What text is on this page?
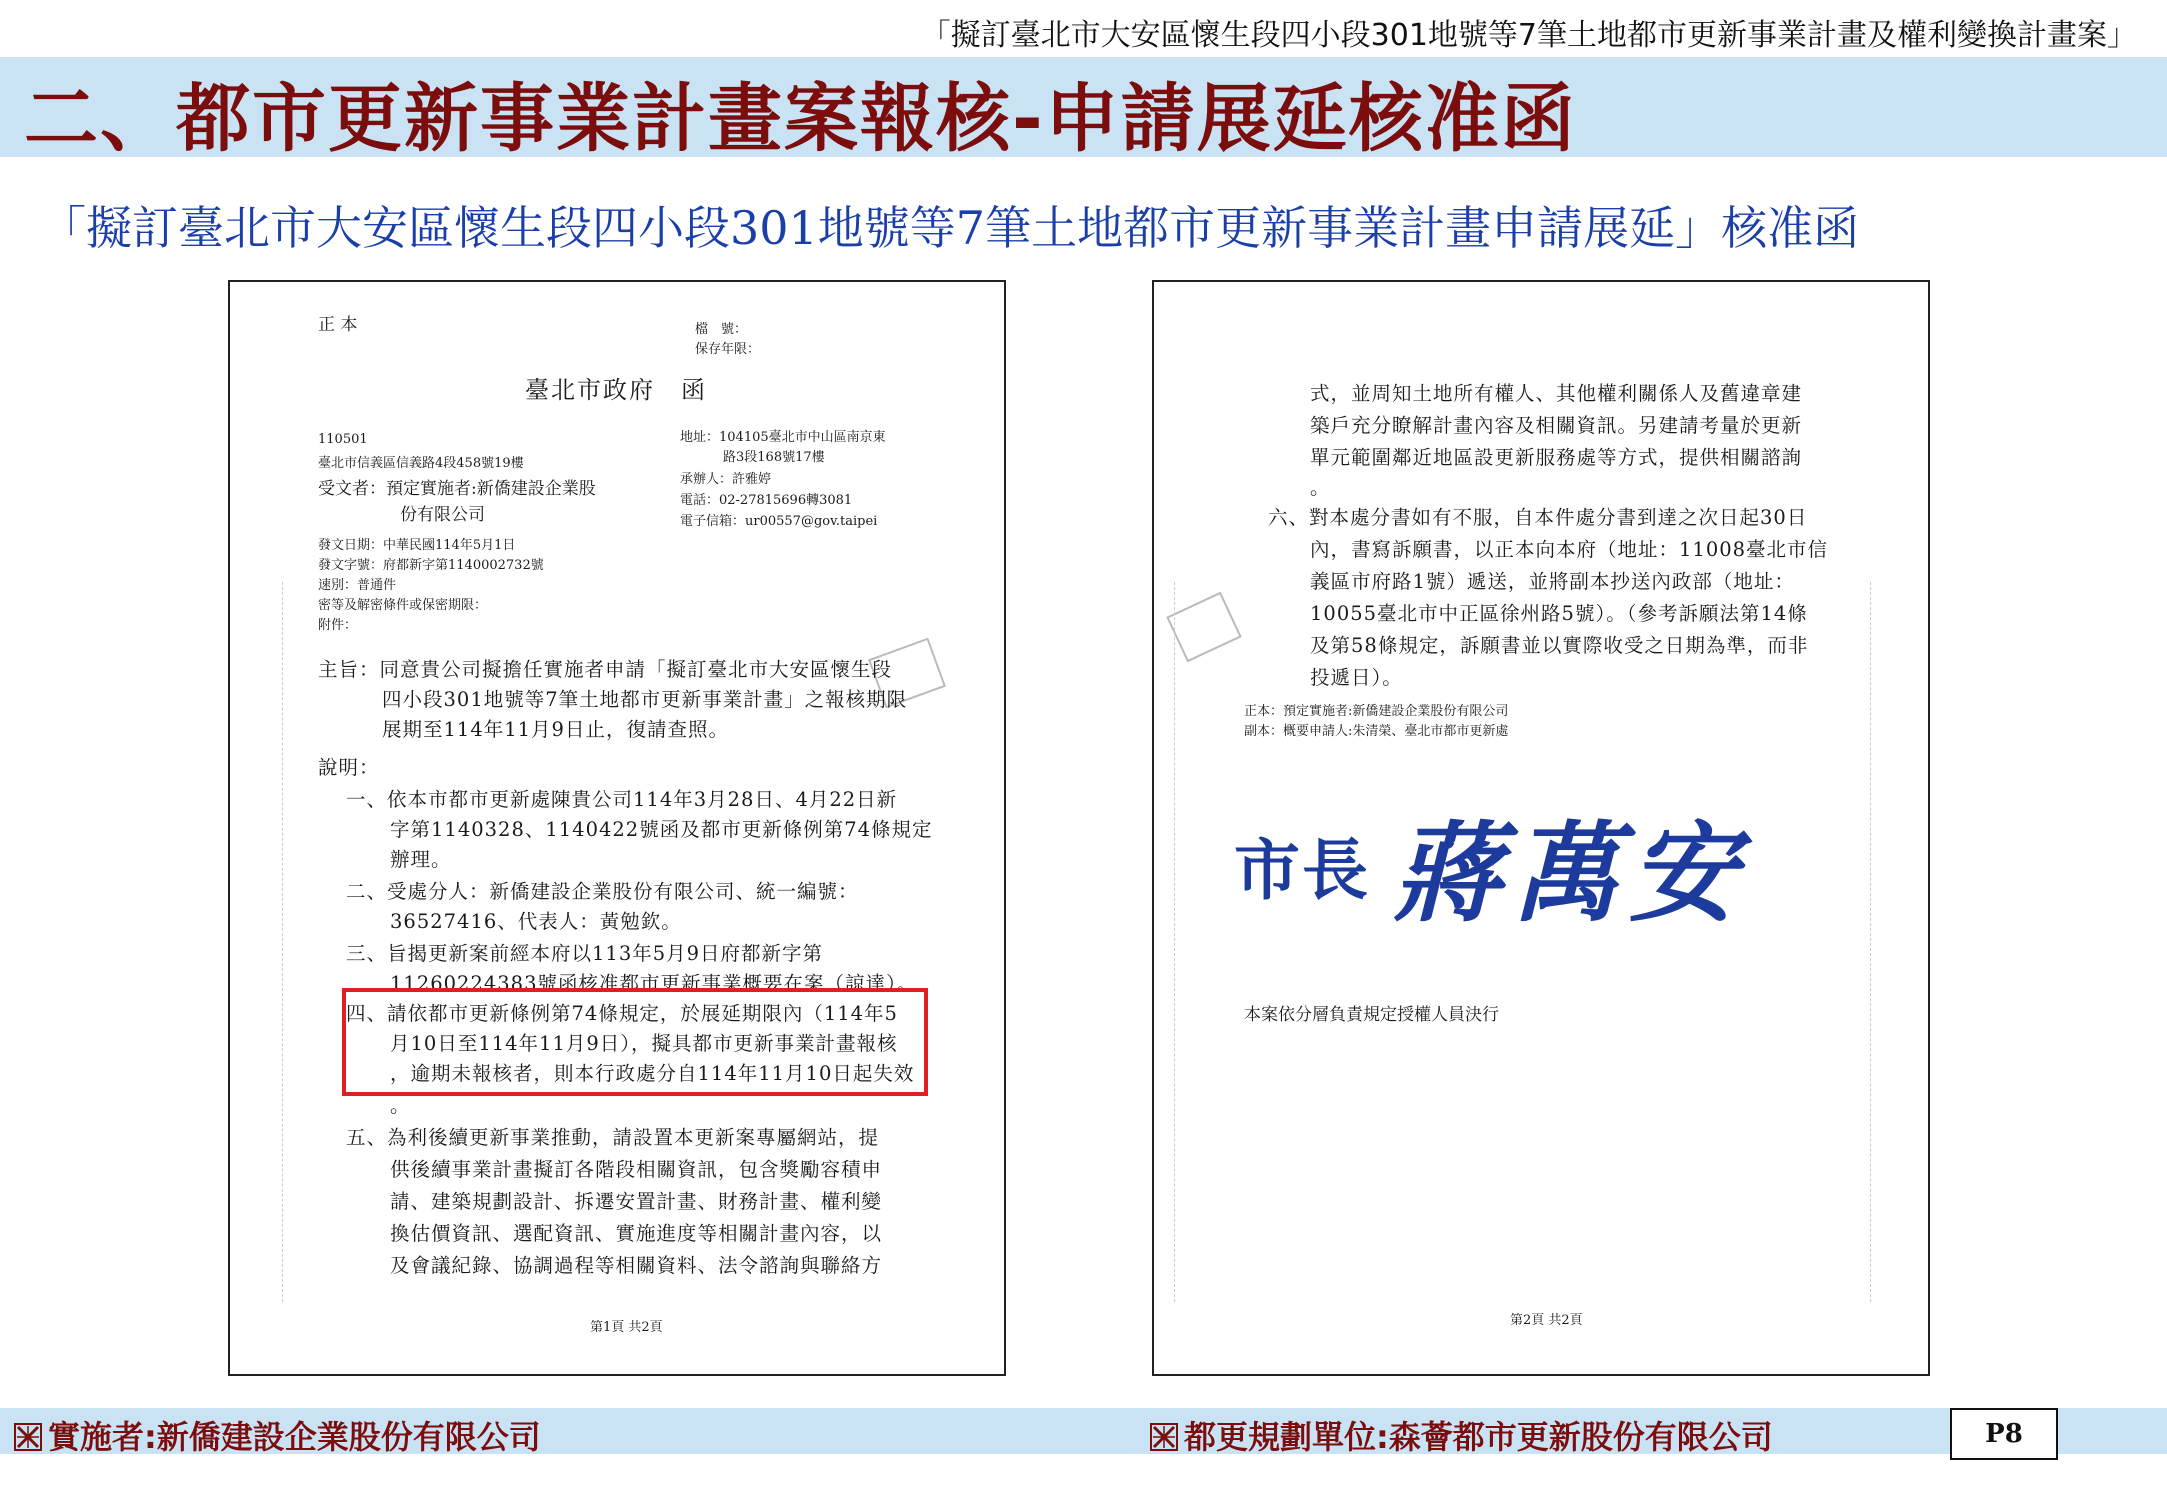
「擬訂臺北市大安區懷生段四小段301地號等7筆土地都市更新事業計畫及權利變換計畫案」
二、都市更新事業計畫案報核-申請展延核准函
「擬訂臺北市大安區懷生段四小段301地號等7筆土地都市更新事業計畫申請展延」核准函
正 本	檔　號：
保存年限：
臺北市政府　函
110501
臺北市信義區信義路4段458號19樓
受文者：預定實施者:新僑建設企業股
份有限公司
地址：104105臺北市中山區南京東
路3段168號17樓
承辦人：許雅婷
電話：02-27815696轉3081
電子信箱：ur00557@gov.taipei
發文日期：中華民國114年5月1日
發文字號：府都新字第1140002732號
速別：普通件
密等及解密條件或保密期限：
附件：
主旨：同意貴公司擬擔任實施者申請「擬訂臺北市大安區懷生段
四小段301地號等7筆土地都市更新事業計畫」之報核期限
展期至114年11月9日止，復請查照。
說明：
一、依本市都市更新處陳貴公司114年3月28日、4月22日新
字第1140328、1140422號函及都市更新條例第74條規定
辦理。
二、受處分人：新僑建設企業股份有限公司、統一編號：
36527416、代表人：黃勉欽。
三、旨揭更新案前經本府以113年5月9日府都新字第
11260224383號函核准都市更新事業概要在案（諒達）。
四、請依都市更新條例第74條規定，於展延期限內（114年5
月10日至114年11月9日），擬具都市更新事業計畫報核
，逾期未報核者，則本行政處分自114年11月10日起失效
。
五、為利後續更新事業推動，請設置本更新案專屬網站，提
供後續事業計畫擬訂各階段相關資訊，包含獎勵容積申
請、建築規劃設計、拆遷安置計畫、財務計畫、權利變
換估價資訊、選配資訊、實施進度等相關計畫內容，以
及會議紀錄、協調過程等相關資料、法令諮詢與聯絡方
第1頁 共2頁
式，並周知土地所有權人、其他權利關係人及舊違章建
築戶充分瞭解計畫內容及相關資訊。另建請考量於更新
單元範圍鄰近地區設更新服務處等方式，提供相關諮詢
。
六、對本處分書如有不服，自本件處分書到達之次日起30日
內，書寫訴願書，以正本向本府（地址：11008臺北市信
義區市府路1號）遞送，並將副本抄送內政部（地址：
10055臺北市中正區徐州路5號）。（參考訴願法第14條
及第58條規定，訴願書並以實際收受之日期為準，而非
投遞日）。
正本：預定實施者:新僑建設企業股份有限公司
副本：概要申請人:朱清榮、臺北市都市更新處
市長 蔣萬安
本案依分層負責規定授權人員決行
第2頁 共2頁
實施者:新僑建設企業股份有限公司	都更規劃單位:森薈都市更新股份有限公司	P8
